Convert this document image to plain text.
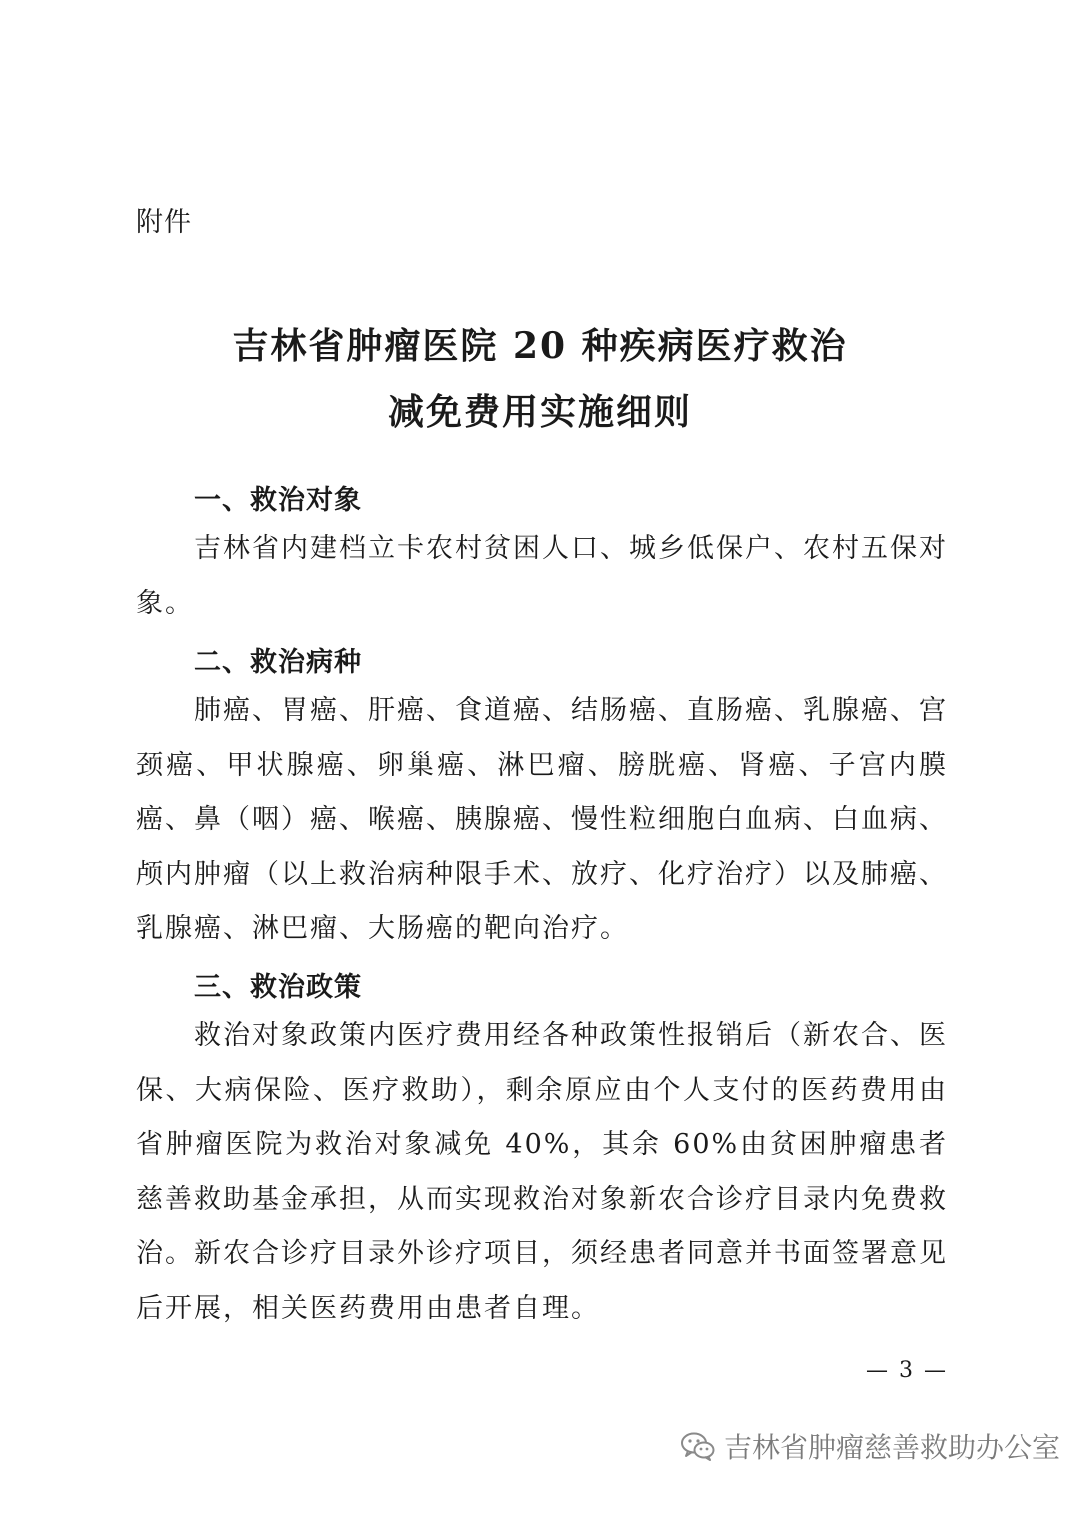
附件
吉林省肿瘤医院 20 种疾病医疗救治
减免费用实施细则
一、救治对象

吉林省内建档立卡农村贫困人口、城乡低保户、农村五保对象。

二、救治病种

肺癌、胃癌、肝癌、食道癌、结肠癌、直肠癌、乳腺癌、宫颈癌、甲状腺癌、卵巢癌、淋巴瘤、膀胱癌、肾癌、子宫内膜癌、鼻（咽）癌、喉癌、胰腺癌、慢性粒细胞白血病、白血病、颅内肿瘤（以上救治病种限手术、放疗、化疗治疗）以及肺癌、乳腺癌、淋巴瘤、大肠癌的靶向治疗。

三、救治政策

救治对象政策内医疗费用经各种政策性报销后（新农合、医保、大病保险、医疗救助），剩余原应由个人支付的医药费用由省肿瘤医院为救治对象减免 40%，其余 60%由贫困肿瘤患者慈善救助基金承担，从而实现救治对象新农合诊疗目录内免费救治。 新农合诊疗目录外诊疗项目，须经患者同意并书面签署意见后开展，相关医药费用由患者自理。

— 3 —
吉林省肿瘤慈善救助办公室
